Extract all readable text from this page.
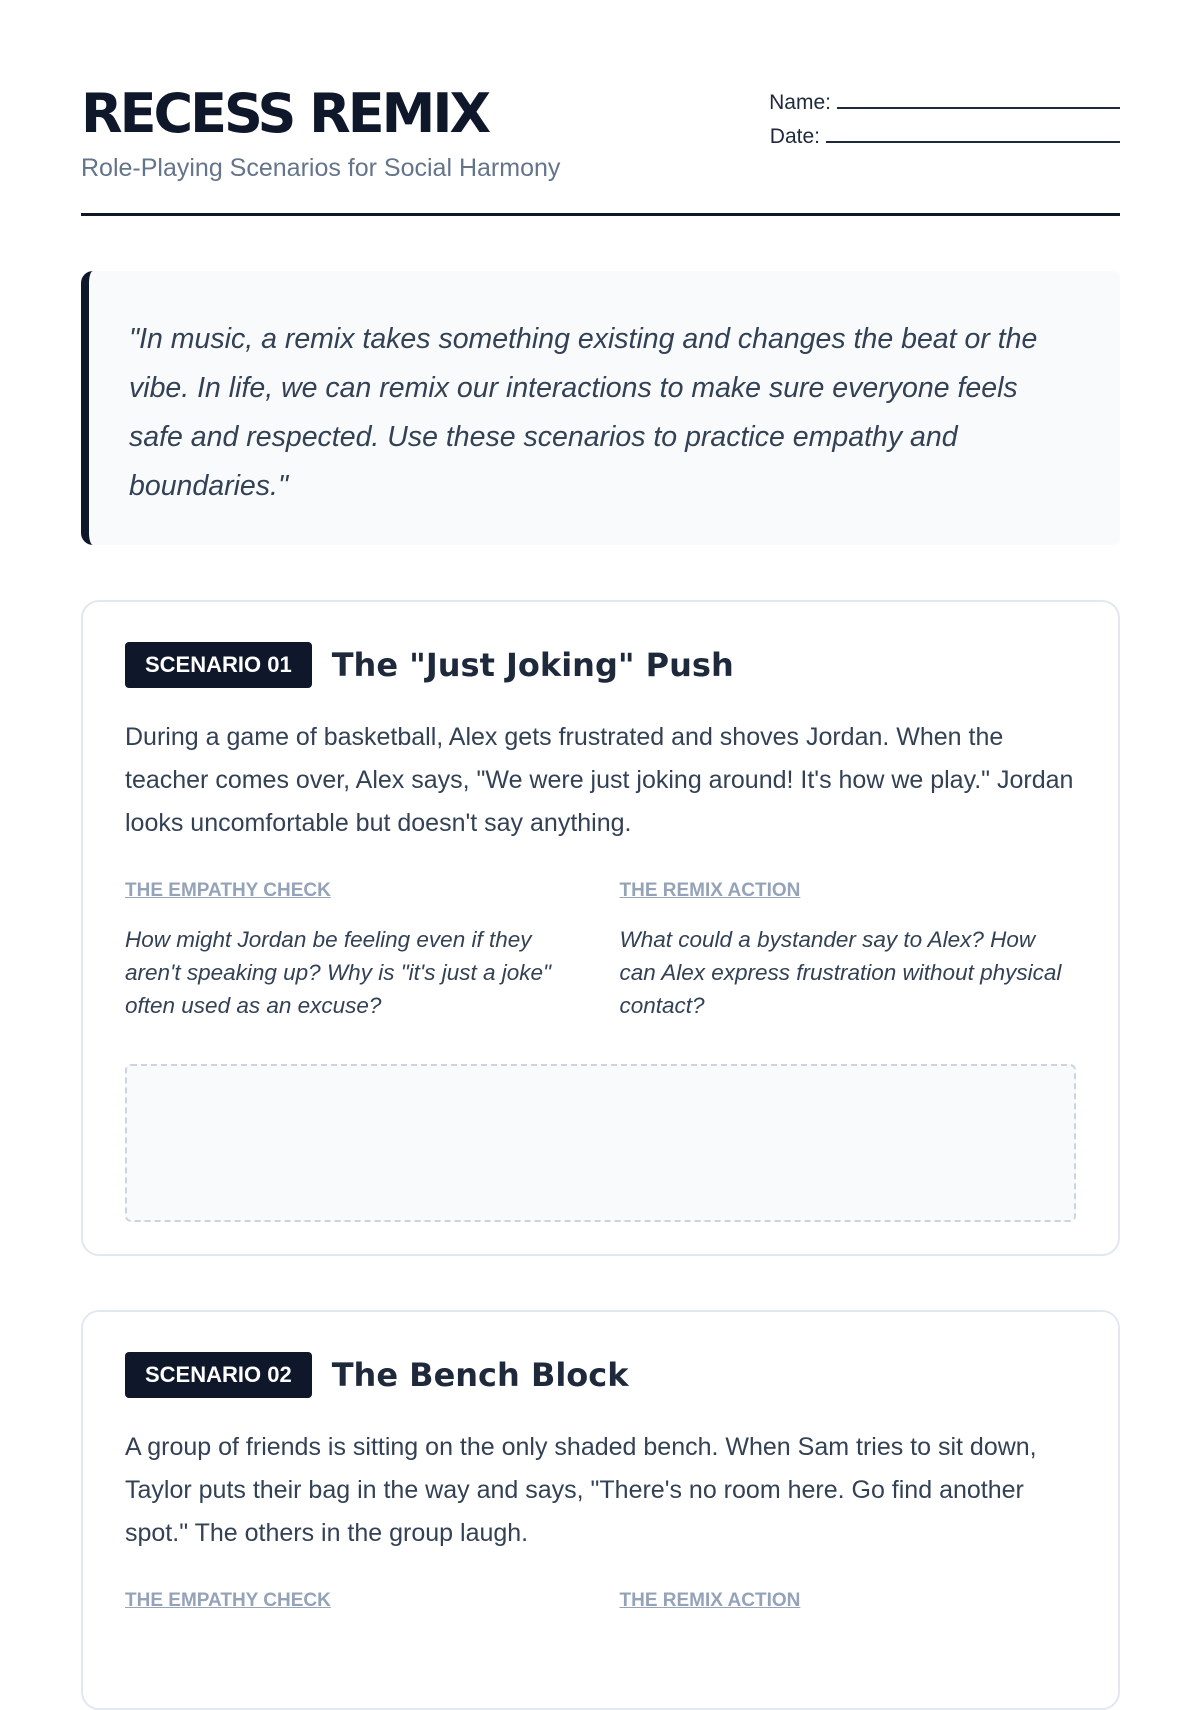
RECESS REMIX
Role-Playing Scenarios for Social Harmony
Name:
Date:

"In music, a remix takes something existing and changes the beat or the vibe. In life, we can remix our interactions to make sure everyone feels safe and respected. Use these scenarios to practice empathy and boundaries."

SCENARIO 01	The "Just Joking" Push

During a game of basketball, Alex gets frustrated and shoves Jordan. When the teacher comes over, Alex says, "We were just joking around! It's how we play." Jordan looks uncomfortable but doesn't say anything.

THE EMPATHY CHECK

How might Jordan be feeling even if they aren't speaking up? Why is "it's just a joke" often used as an excuse?

THE REMIX ACTION

What could a bystander say to Alex? How can Alex express frustration without physical contact?

SCENARIO 02	The Bench Block

A group of friends is sitting on the only shaded bench. When Sam tries to sit down, Taylor puts their bag in the way and says, "There's no room here. Go find another spot." The others in the group laugh.

THE EMPATHY CHECK	THE REMIX ACTION
